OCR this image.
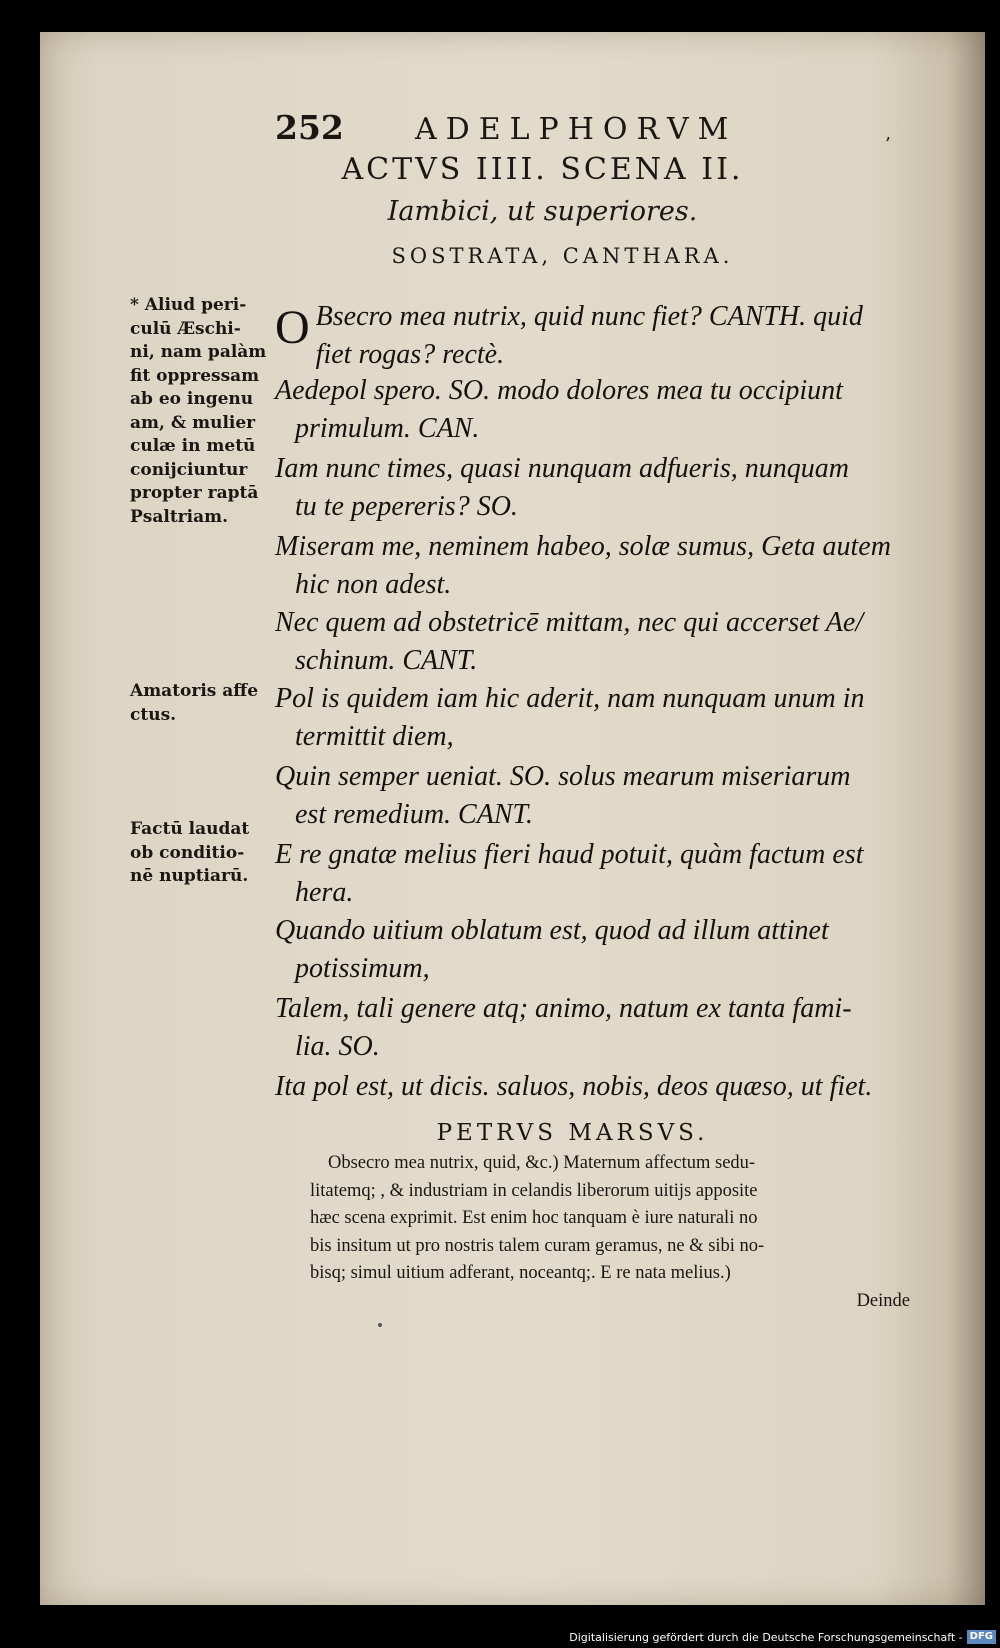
252 ADELPHORVM	’
ACTVS IIII. SCENA II.
Iambici, ut superiores.
SOSTRATA, CANTHARA.
* Aliud peri-
culū Æschi-
ni, nam palàm
fit oppressam
ab eo ingenu
am, & mulier
culæ in metū
conijciuntur
propter raptā
Psaltriam.
Amatoris affe
ctus.
Factū laudat
ob conditio-
nē nuptiarū.
O Bsecro mea nutrix, quid nunc fiet? CANTH. quid
fiet rogas? rectè.
Aedepol spero. SO. modo dolores mea tu occipiunt
primulum. CAN.
Iam nunc times, quasi nunquam adfueris, nunquam
tu te pepereris? SO.
Miseram me, neminem habeo, solæ sumus, Geta autem
hic non adest.
Nec quem ad obstetricē mittam, nec qui accerset Ae/
schinum. CANT.
Pol is quidem iam hic aderit, nam nunquam unum in
termittit diem,
Quin semper ueniat. SO. solus mearum miseriarum
est remedium. CANT.
E re gnatæ melius fieri haud potuit, quàm factum est
hera.
Quando uitium oblatum est, quod ad illum attinet
potissimum,
Talem, tali genere atq; animo, natum ex tanta fami-
lia. SO.
Ita pol est, ut dicis. saluos, nobis, deos quæso, ut fiet.
PETRVS MARSVS.
Obsecro mea nutrix, quid, &c.) Maternum affectum sedu-
litatemq; , & industriam in celandis liberorum uitijs apposite
hæc scena exprimit. Est enim hoc tanquam è iure naturali no
bis insitum ut pro nostris talem curam geramus, ne & sibi no-
bisq; simul uitium adferant, noceantq;. E re nata melius.)
Deinde
Digitalisierung gefördert durch die Deutsche Forschungsgemeinschaft - DFG
